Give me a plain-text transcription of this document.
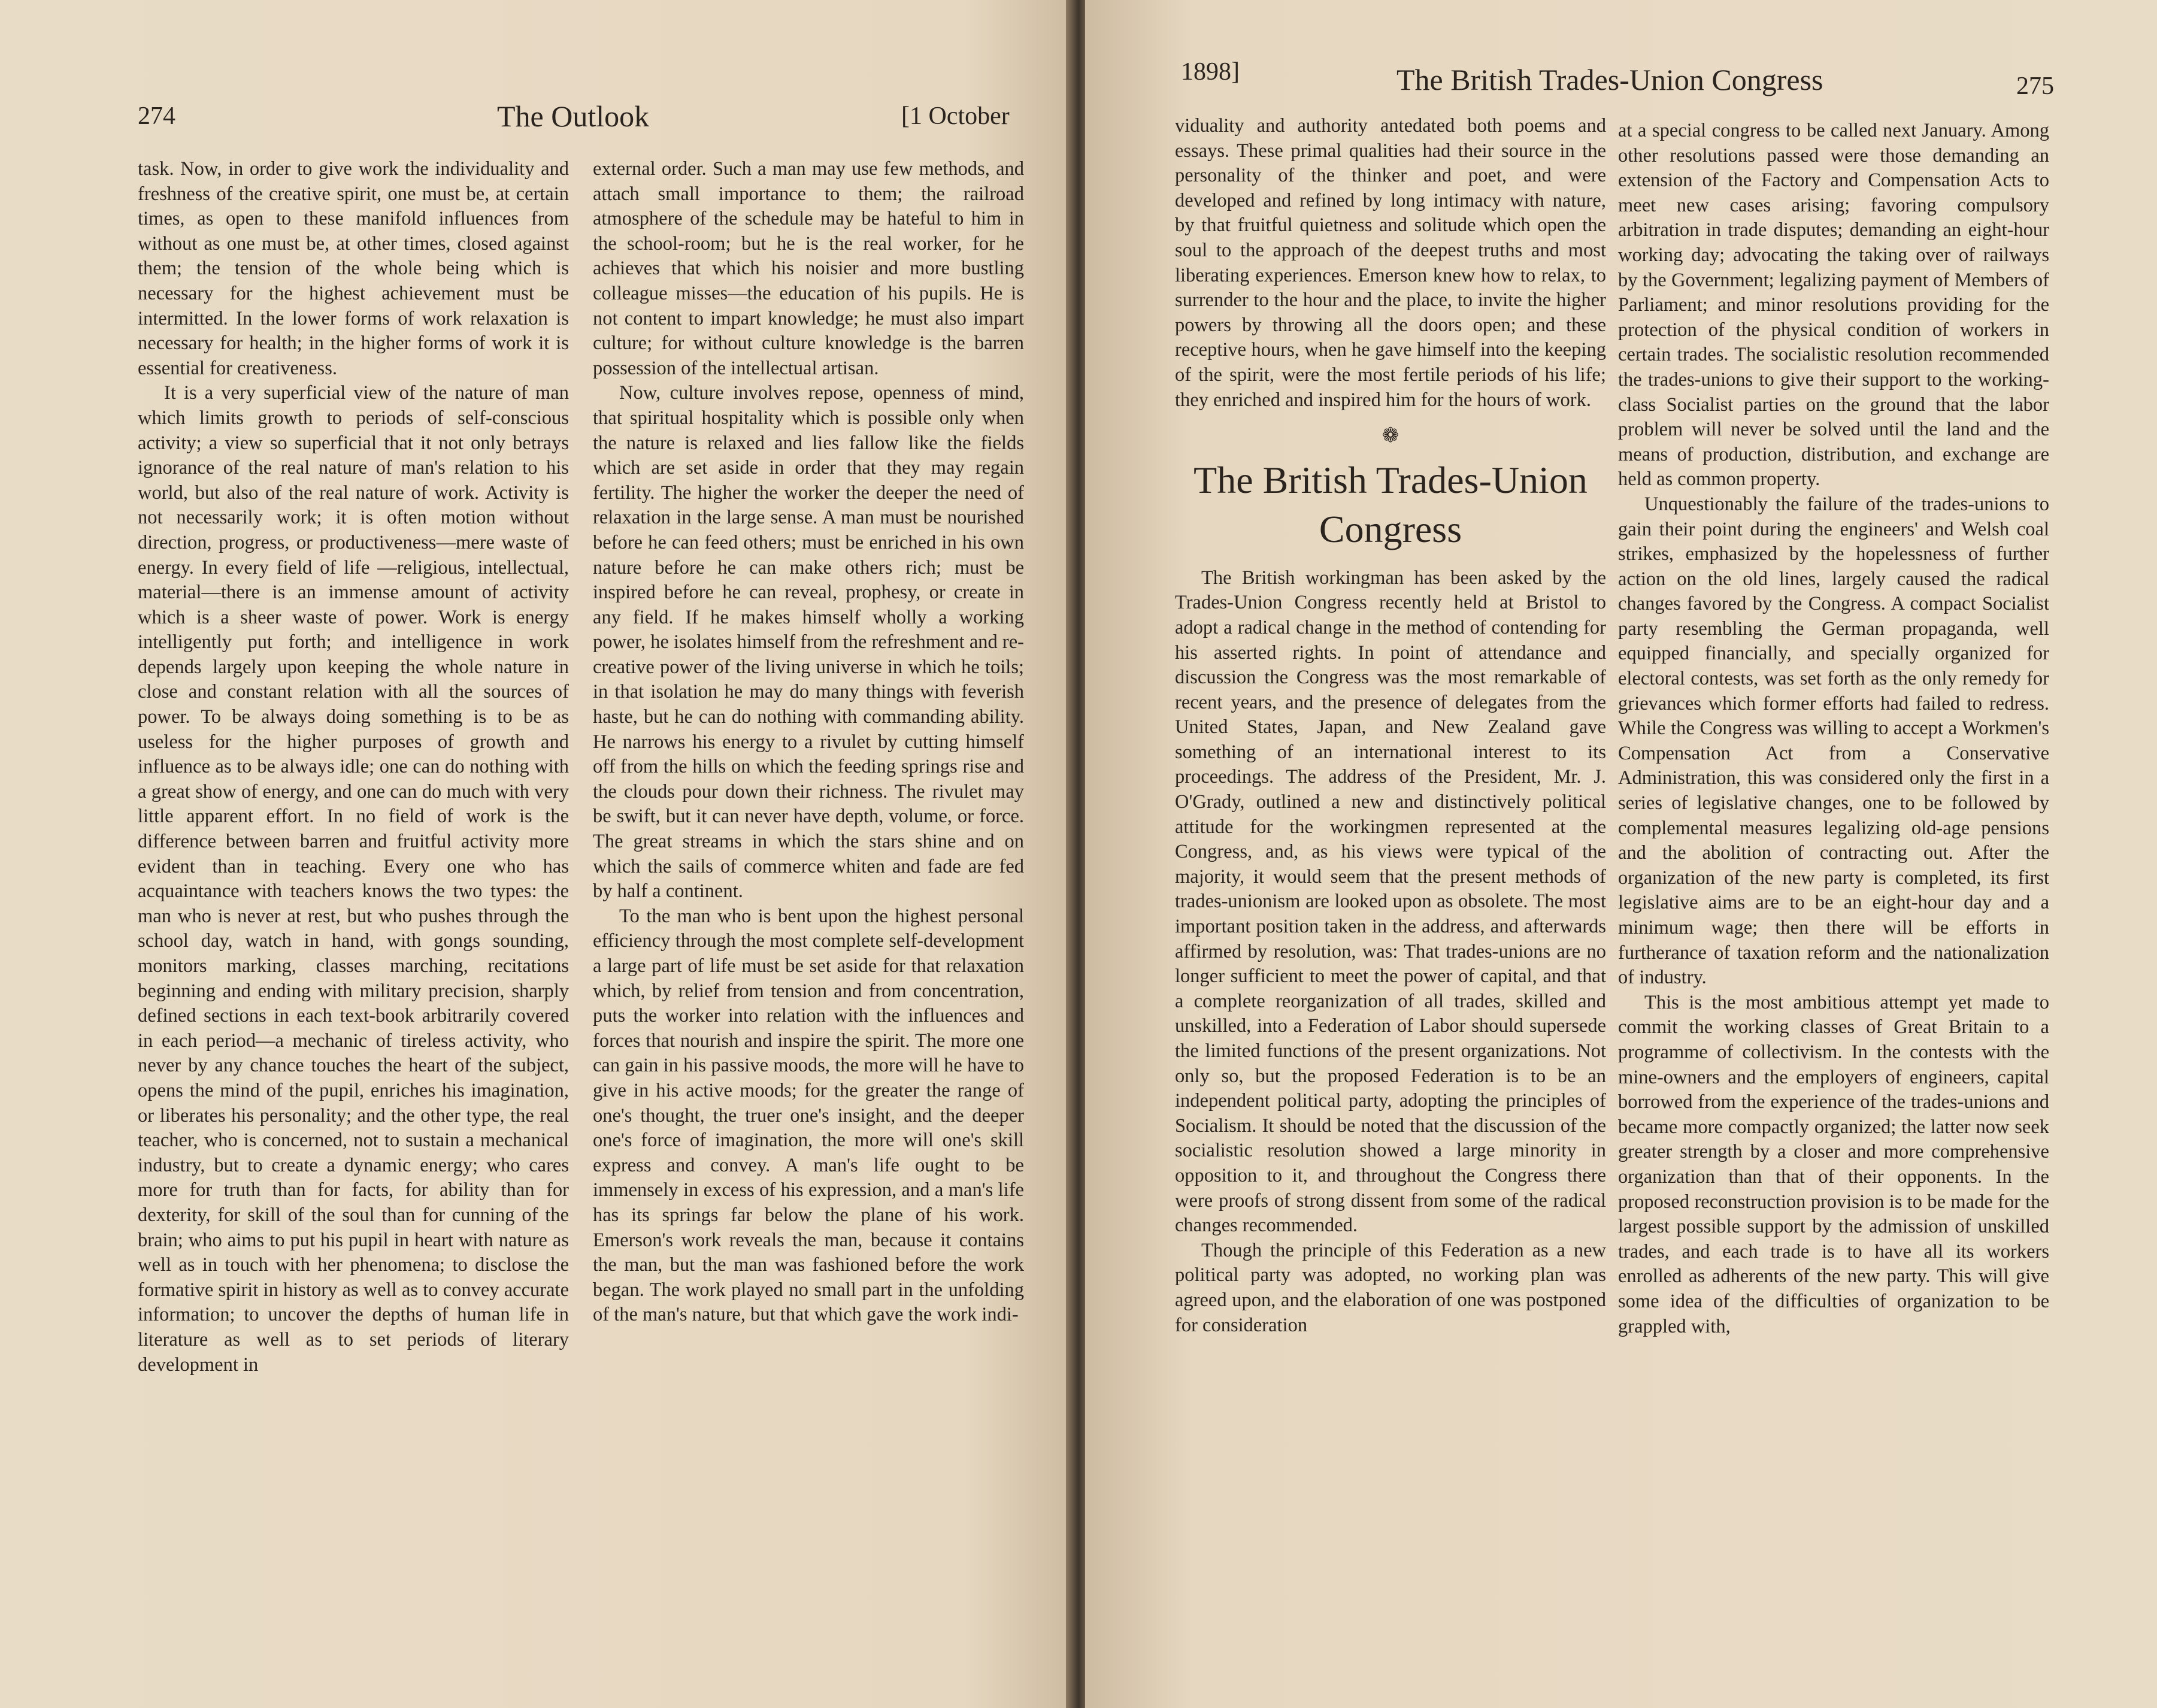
274	The Outlook	[1 October

task. Now, in order to give work the individuality and freshness of the creative spirit, one must be, at certain times, as open to these manifold influences from without as one must be, at other times, closed against them; the tension of the whole being which is necessary for the highest achievement must be intermitted. In the lower forms of work relaxation is necessary for health; in the higher forms of work it is essential for creativeness.

It is a very superficial view of the nature of man which limits growth to periods of self-conscious activity; a view so superficial that it not only betrays ignorance of the real nature of man's relation to his world, but also of the real nature of work. Activity is not necessarily work; it is often motion without direction, progress, or productiveness—mere waste of energy. In every field of life —religious, intellectual, material—there is an immense amount of activity which is a sheer waste of power. Work is energy intelligently put forth; and intelligence in work depends largely upon keeping the whole nature in close and constant relation with all the sources of power. To be always doing something is to be as useless for the higher purposes of growth and influence as to be always idle; one can do nothing with a great show of energy, and one can do much with very little apparent effort. In no field of work is the difference between barren and fruitful activity more evident than in teaching. Every one who has acquaintance with teachers knows the two types: the man who is never at rest, but who pushes through the school day, watch in hand, with gongs sounding, monitors marking, classes marching, recitations beginning and ending with military precision, sharply defined sections in each text-book arbitrarily covered in each period—a mechanic of tireless activity, who never by any chance touches the heart of the subject, opens the mind of the pupil, enriches his imagination, or liberates his personality; and the other type, the real teacher, who is concerned, not to sustain a mechanical industry, but to create a dynamic energy; who cares more for truth than for facts, for ability than for dexterity, for skill of the soul than for cunning of the brain; who aims to put his pupil in heart with nature as well as in touch with her phenomena; to disclose the formative spirit in history as well as to convey accurate information; to uncover the depths of human life in literature as well as to set periods of literary development in

external order. Such a man may use few methods, and attach small importance to them; the railroad atmosphere of the schedule may be hateful to him in the school-room; but he is the real worker, for he achieves that which his noisier and more bustling colleague misses—the education of his pupils. He is not content to impart knowledge; he must also impart culture; for without culture knowledge is the barren possession of the intellectual artisan.

Now, culture involves repose, openness of mind, that spiritual hospitality which is possible only when the nature is relaxed and lies fallow like the fields which are set aside in order that they may regain fertility. The higher the worker the deeper the need of relaxation in the large sense. A man must be nourished before he can feed others; must be enriched in his own nature before he can make others rich; must be inspired before he can reveal, prophesy, or create in any field. If he makes himself wholly a working power, he isolates himself from the refreshment and re-creative power of the living universe in which he toils; in that isolation he may do many things with feverish haste, but he can do nothing with commanding ability. He narrows his energy to a rivulet by cutting himself off from the hills on which the feeding springs rise and the clouds pour down their richness. The rivulet may be swift, but it can never have depth, volume, or force. The great streams in which the stars shine and on which the sails of commerce whiten and fade are fed by half a continent.

To the man who is bent upon the highest personal efficiency through the most complete self-development a large part of life must be set aside for that relaxation which, by relief from tension and from concentration, puts the worker into relation with the influences and forces that nourish and inspire the spirit. The more one can gain in his passive moods, the more will he have to give in his active moods; for the greater the range of one's thought, the truer one's insight, and the deeper one's force of imagination, the more will one's skill express and convey. A man's life ought to be immensely in excess of his expression, and a man's life has its springs far below the plane of his work. Emerson's work reveals the man, because it contains the man, but the man was fashioned before the work began. The work played no small part in the unfolding of the man's nature, but that which gave the work indi-

1898]	The British Trades-Union Congress	275

viduality and authority antedated both poems and essays. These primal qualities had their source in the personality of the thinker and poet, and were developed and refined by long intimacy with nature, by that fruitful quietness and solitude which open the soul to the approach of the deepest truths and most liberating experiences. Emerson knew how to relax, to surrender to the hour and the place, to invite the higher powers by throwing all the doors open; and these receptive hours, when he gave himself into the keeping of the spirit, were the most fertile periods of his life; they enriched and inspired him for the hours of work.

❁
The British Trades-Union
Congress

The British workingman has been asked by the Trades-Union Congress recently held at Bristol to adopt a radical change in the method of contending for his asserted rights. In point of attendance and discussion the Congress was the most remarkable of recent years, and the presence of delegates from the United States, Japan, and New Zealand gave something of an international interest to its proceedings. The address of the President, Mr. J. O'Grady, outlined a new and distinctively political attitude for the workingmen represented at the Congress, and, as his views were typical of the majority, it would seem that the present methods of trades-unionism are looked upon as obsolete. The most important position taken in the address, and afterwards affirmed by resolution, was: That trades-unions are no longer sufficient to meet the power of capital, and that a complete reorganization of all trades, skilled and unskilled, into a Federation of Labor should supersede the limited functions of the present organizations. Not only so, but the proposed Federation is to be an independent political party, adopting the principles of Socialism. It should be noted that the discussion of the socialistic resolution showed a large minority in opposition to it, and throughout the Congress there were proofs of strong dissent from some of the radical changes recommended.

Though the principle of this Federation as a new political party was adopted, no working plan was agreed upon, and the elaboration of one was postponed for consideration

at a special congress to be called next January. Among other resolutions passed were those demanding an extension of the Factory and Compensation Acts to meet new cases arising; favoring compulsory arbitration in trade disputes; demanding an eight-hour working day; advocating the taking over of railways by the Government; legalizing payment of Members of Parliament; and minor resolutions providing for the protection of the physical condition of workers in certain trades. The socialistic resolution recommended the trades-unions to give their support to the working-class Socialist parties on the ground that the labor problem will never be solved until the land and the means of production, distribution, and exchange are held as common property.

Unquestionably the failure of the trades-unions to gain their point during the engineers' and Welsh coal strikes, emphasized by the hopelessness of further action on the old lines, largely caused the radical changes favored by the Congress. A compact Socialist party resembling the German propaganda, well equipped financially, and specially organized for electoral contests, was set forth as the only remedy for grievances which former efforts had failed to redress. While the Congress was willing to accept a Workmen's Compensation Act from a Conservative Administration, this was considered only the first in a series of legislative changes, one to be followed by complemental measures legalizing old-age pensions and the abolition of contracting out. After the organization of the new party is completed, its first legislative aims are to be an eight-hour day and a minimum wage; then there will be efforts in furtherance of taxation reform and the nationalization of industry.

This is the most ambitious attempt yet made to commit the working classes of Great Britain to a programme of collectivism. In the contests with the mine-owners and the employers of engineers, capital borrowed from the experience of the trades-unions and became more compactly organized; the latter now seek greater strength by a closer and more comprehensive organization than that of their opponents. In the proposed reconstruction provision is to be made for the largest possible support by the admission of unskilled trades, and each trade is to have all its workers enrolled as adherents of the new party. This will give some idea of the difficulties of organization to be grappled with,
